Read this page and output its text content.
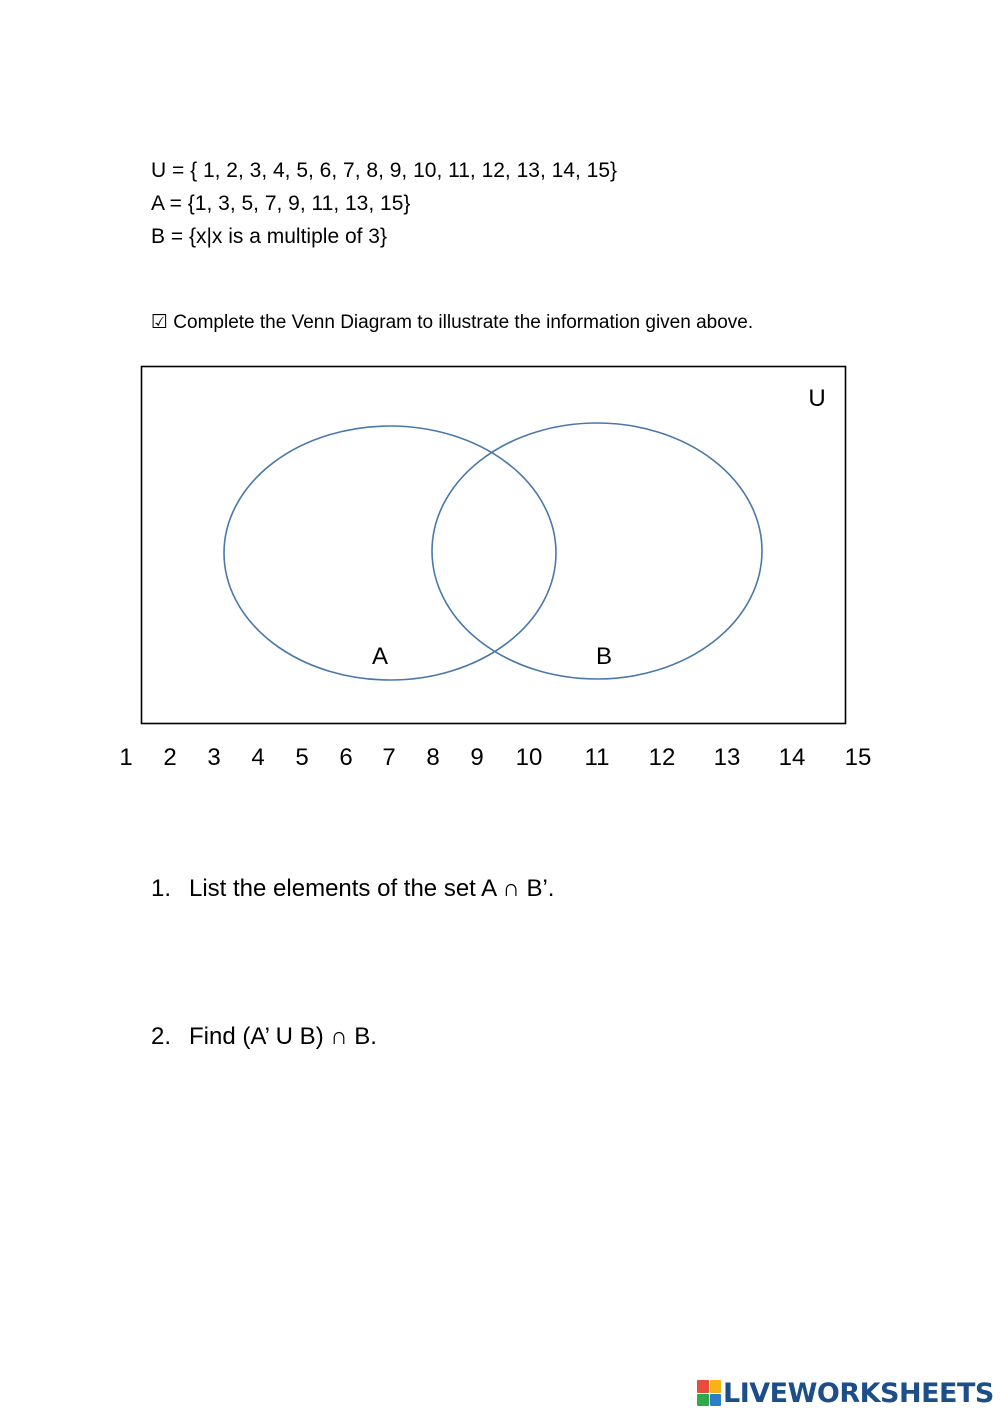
U = { 1, 2, 3, 4, 5, 6, 7, 8, 9, 10, 11, 12, 13, 14, 15}
A = {1, 3, 5, 7, 9, 11, 13, 15}
B = {x|x is a multiple of 3}
☑ Complete the Venn Diagram to illustrate the information given above.
U
A	B
1 2 3 4 5 6 7 8 9 10 11 12 13 14 15
1. List the elements of the set A ∩ B’.
2. Find (A’ U B) ∩ B.
LIVEWORKSHEETS
